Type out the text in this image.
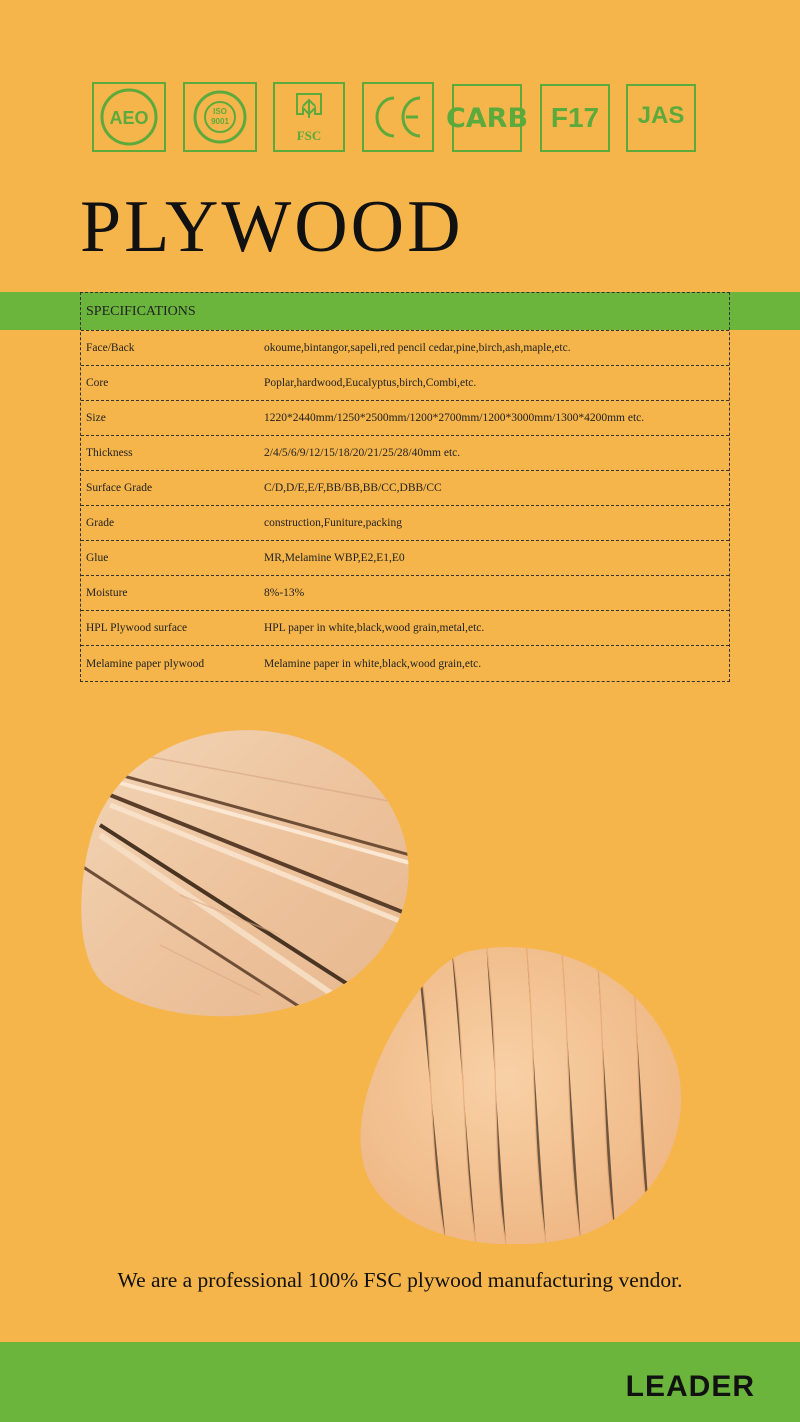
AEO	ISO
9001
FSC
CARB F17 JAS
PLYWOOD
SPECIFICATIONS
Face/Back	okoume,bintangor,sapeli,red pencil cedar,pine,birch,ash,maple,etc.
Core	Poplar,hardwood,Eucalyptus,birch,Combi,etc.
Size	1220*2440mm/1250*2500mm/1200*2700mm/1200*3000mm/1300*4200mm etc.
Thickness	2/4/5/6/9/12/15/18/20/21/25/28/40mm etc.
Surface Grade	C/D,D/E,E/F,BB/BB,BB/CC,DBB/CC
Grade	construction,Funiture,packing
Glue	MR,Melamine WBP,E2,E1,E0
Moisture	8%-13%
HPL Plywood surface	HPL paper in white,black,wood grain,metal,etc.
Melamine paper plywood	Melamine paper in white,black,wood grain,etc.
We are a professional 100% FSC plywood manufacturing vendor.
LEADER
